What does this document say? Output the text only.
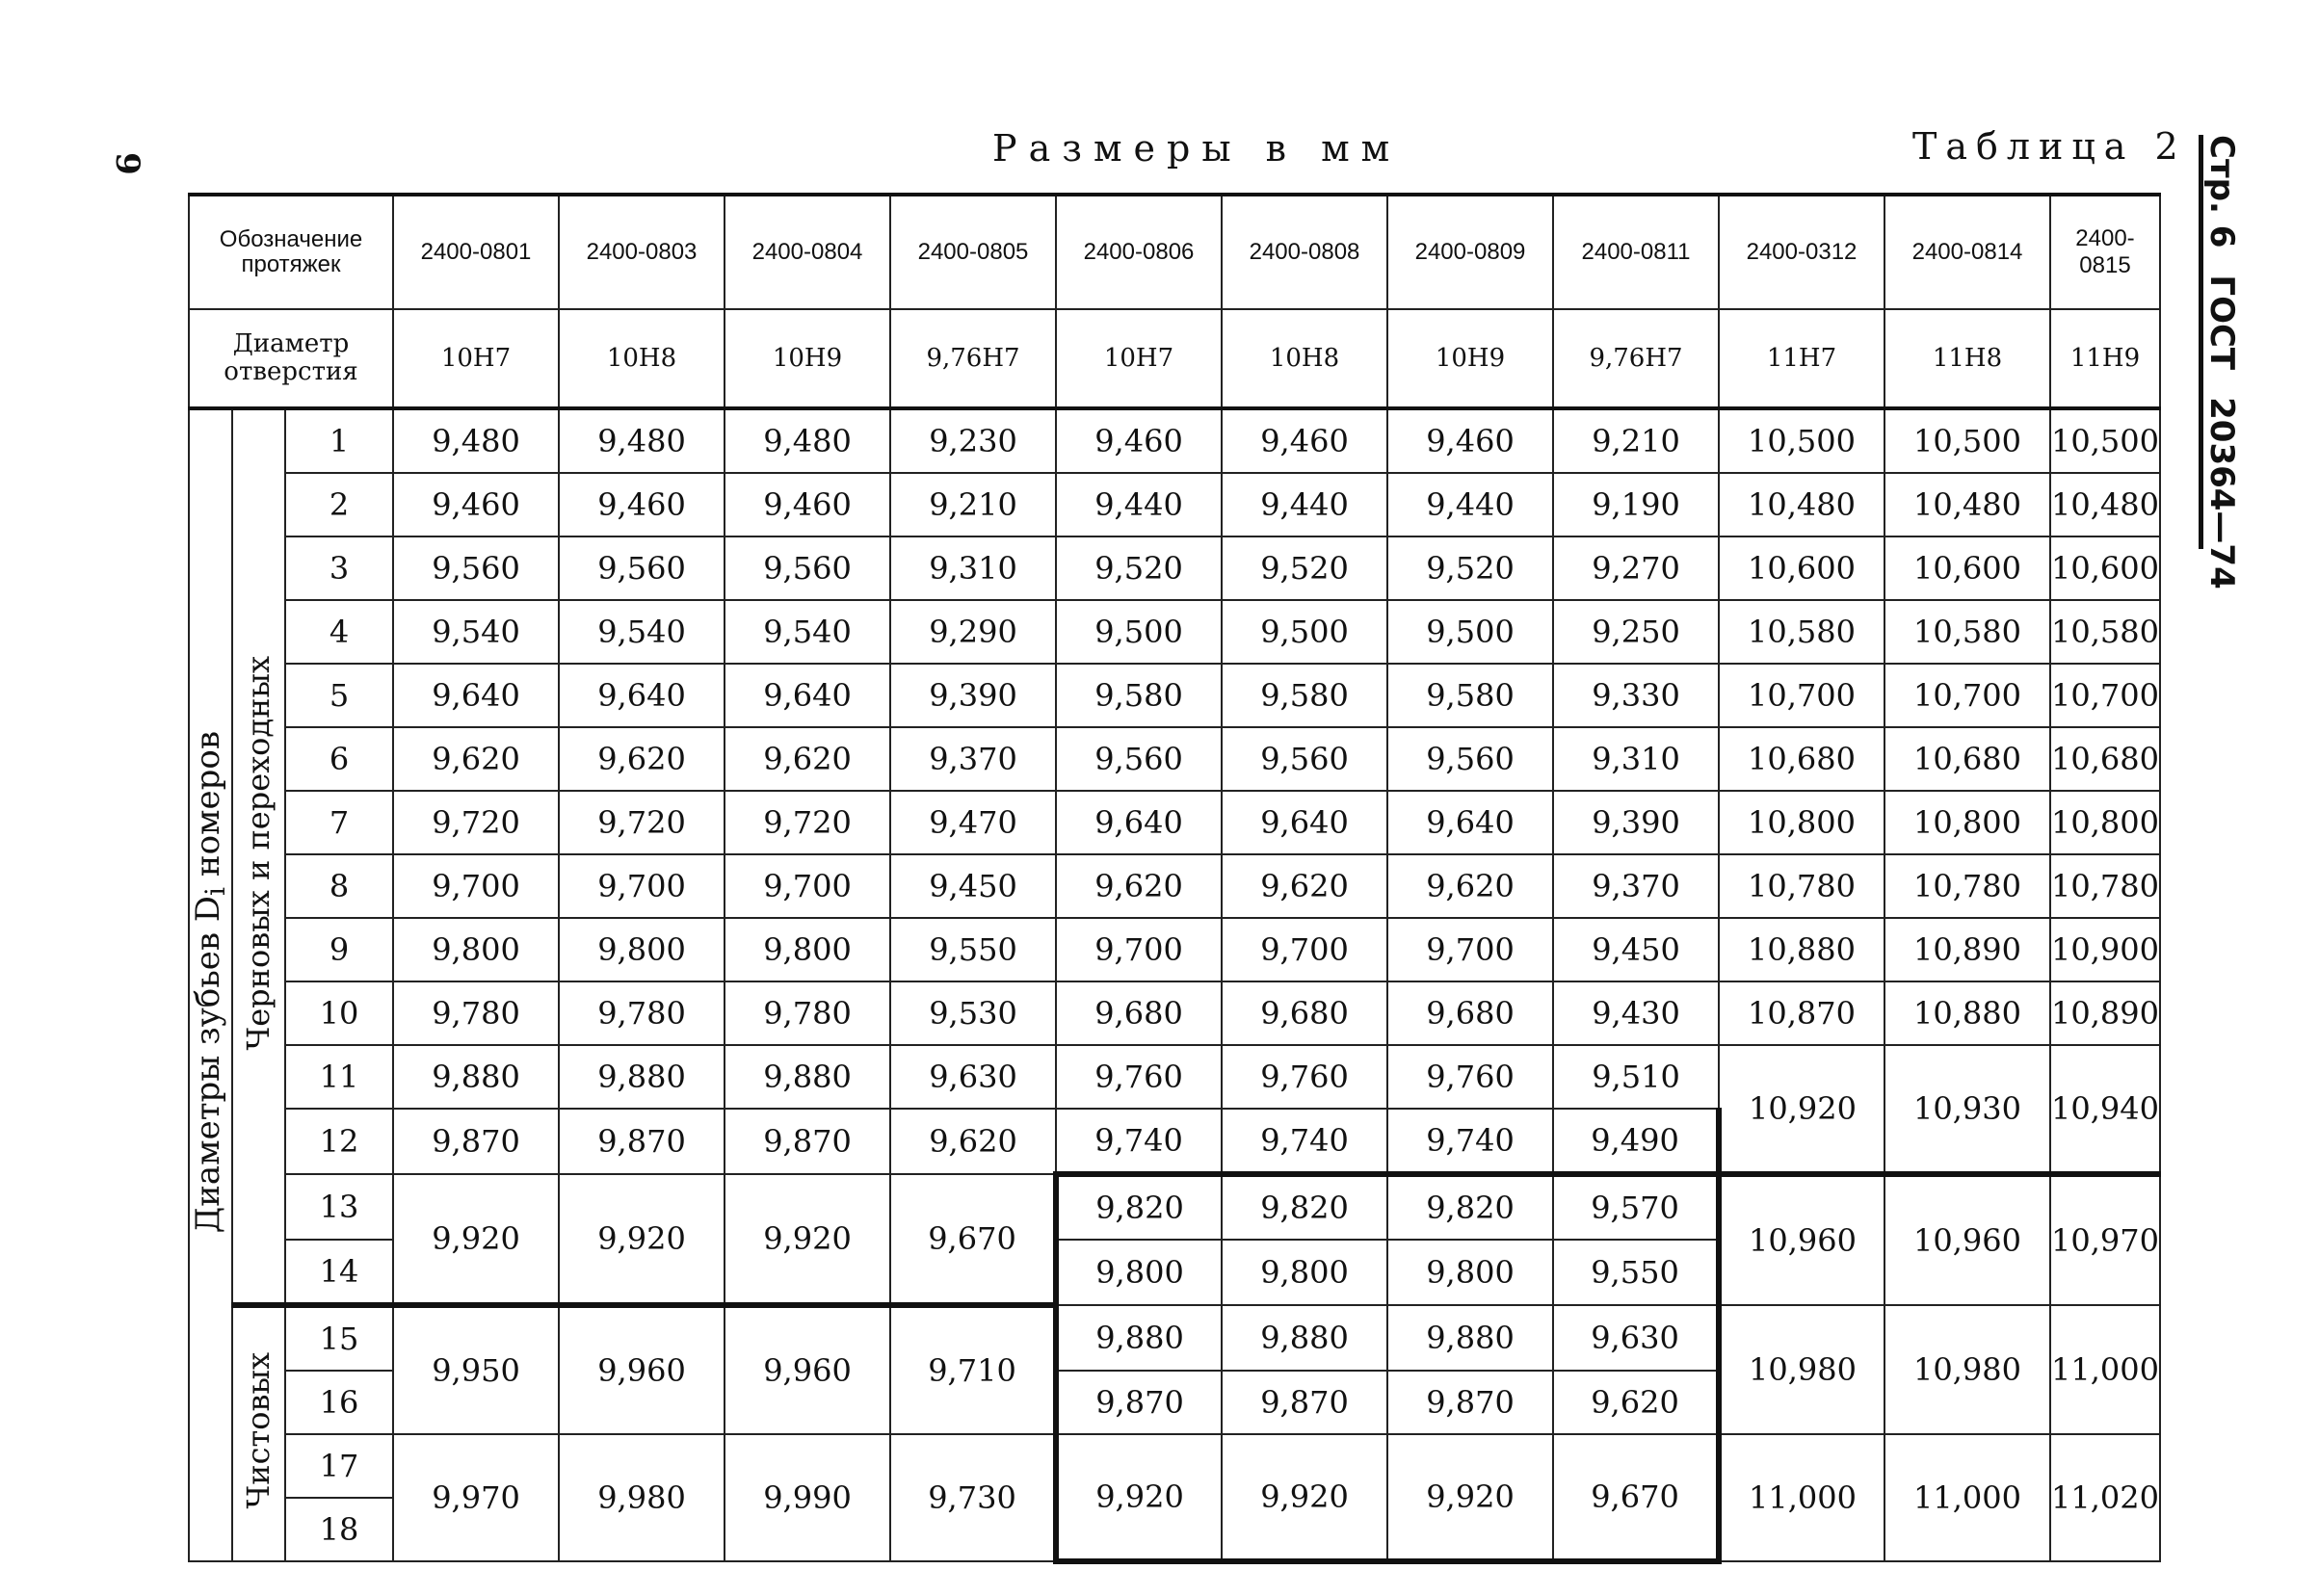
9	Размеры в мм	Таблица 2 Стр. 6
ГОСТ
20364—74
Обозначение протяжек			2400-0801	2400-0803	2400-0804	2400-0805	2400-0806	2400-0808	2400-0809	2400-0811	2400-0312	2400-0814	2400-0815
Диаметр отверстия			10H7	10H8	10H9	9,76H7	10H7	10H8	10H9	9,76H7	11H7	11H8	11H9
Диаметры зубьев $D_i$ номеров	Черновых и переходных	1	9,480	9,480	9,480	9,230	9,460	9,460	9,460	9,210	10,500	10,500	10,500
		2	9,460	9,460	9,460	9,210	9,440	9,440	9,440	9,190	10,480	10,480	10,480
		3	9,560	9,560	9,560	9,310	9,520	9,520	9,520	9,270	10,600	10,600	10,600
		4	9,540	9,540	9,540	9,290	9,500	9,500	9,500	9,250	10,580	10,580	10,580
		5	9,640	9,640	9,640	9,390	9,580	9,580	9,580	9,330	10,700	10,700	10,700
		6	9,620	9,620	9,620	9,370	9,560	9,560	9,560	9,310	10,680	10,680	10,680
		7	9,720	9,720	9,720	9,470	9,640	9,640	9,640	9,390	10,800	10,800	10,800
		8	9,700	9,700	9,700	9,450	9,620	9,620	9,620	9,370	10,780	10,780	10,780
		9	9,800	9,800	9,800	9,550	9,700	9,700	9,700	9,450	10,880	10,890	10,900
		10	9,780	9,780	9,780	9,530	9,680	9,680	9,680	9,430	10,870	10,880	10,890
		11	9,880	9,880	9,880	9,630	9,760	9,760	9,760	9,510	10,920	10,930	10,940
		12	9,870	9,870	9,870	9,620	9,740	9,740	9,740	9,490			
		13	9,920	9,920	9,920	9,670	9,820	9,820	9,820	9,570	10,960	10,960	10,970
		14					9,800	9,800	9,800	9,550			
	Чистовых	15	9,950	9,960	9,960	9,710	9,880	9,880	9,880	9,630	10,980	10,980	11,000
		16					9,870	9,870	9,870	9,620			
		17	9,970	9,980	9,990	9,730	9,920	9,920	9,920	9,670	11,000	11,000	11,020
		18											
